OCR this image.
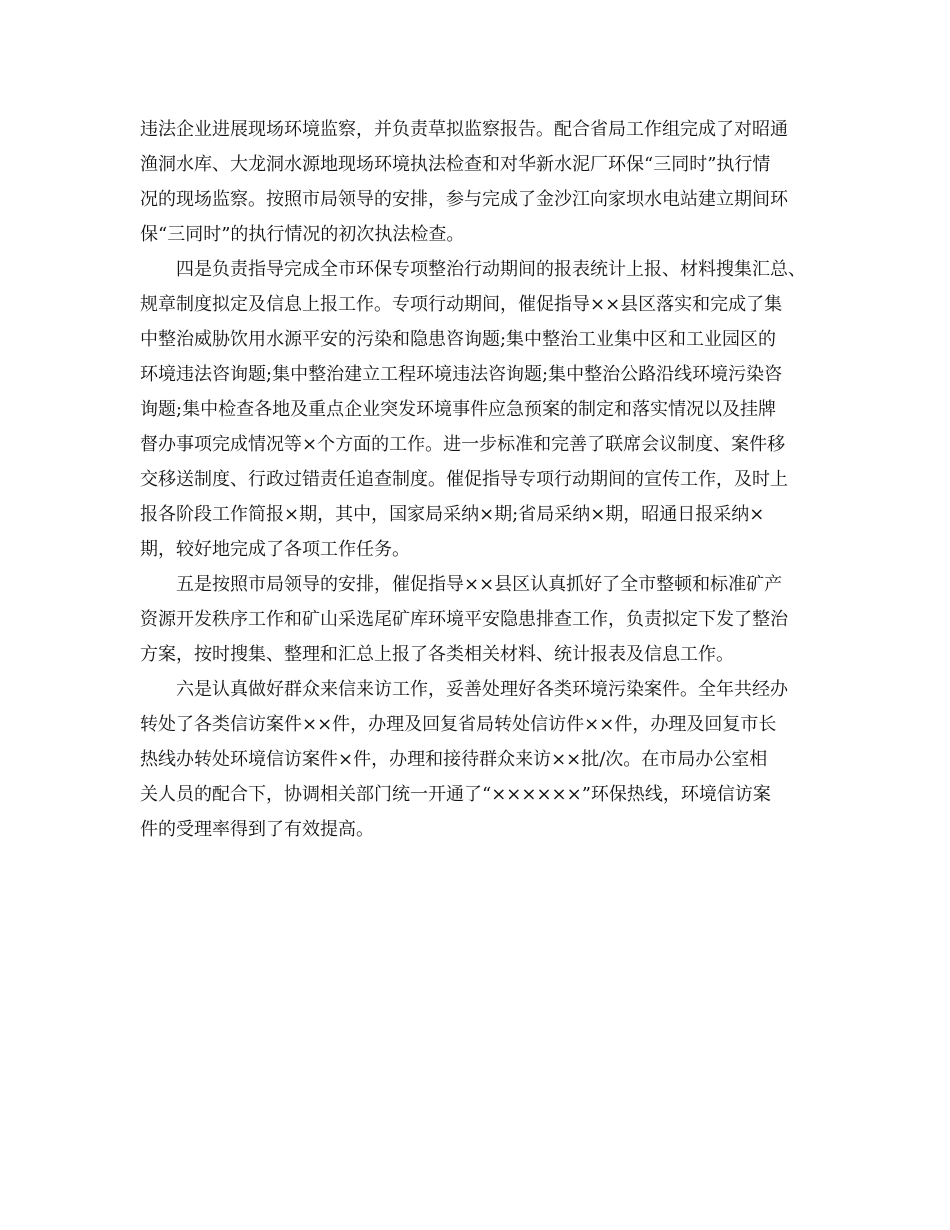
违法企业进展现场环境监察，并负责草拟监察报告。配合省局工作组完成了对昭通
渔洞水库、大龙洞水源地现场环境执法检查和对华新水泥厂环保“三同时”执行情
况的现场监察。按照市局领导的安排，参与完成了金沙江向家坝水电站建立期间环
保“三同时”的执行情况的初次执法检查。
四是负责指导完成全市环保专项整治行动期间的报表统计上报、材料搜集汇总、
规章制度拟定及信息上报工作。专项行动期间，催促指导××县区落实和完成了集
中整治威胁饮用水源平安的污染和隐患咨询题;集中整治工业集中区和工业园区的
环境违法咨询题;集中整治建立工程环境违法咨询题;集中整治公路沿线环境污染咨
询题;集中检查各地及重点企业突发环境事件应急预案的制定和落实情况以及挂牌
督办事项完成情况等×个方面的工作。进一步标准和完善了联席会议制度、案件移
交移送制度、行政过错责任追查制度。催促指导专项行动期间的宣传工作，及时上
报各阶段工作简报×期，其中，国家局采纳×期;省局采纳×期，昭通日报采纳×
期，较好地完成了各项工作任务。
五是按照市局领导的安排，催促指导××县区认真抓好了全市整顿和标准矿产
资源开发秩序工作和矿山采选尾矿库环境平安隐患排查工作，负责拟定下发了整治
方案，按时搜集、整理和汇总上报了各类相关材料、统计报表及信息工作。
六是认真做好群众来信来访工作，妥善处理好各类环境污染案件。全年共经办
转处了各类信访案件××件，办理及回复省局转处信访件××件，办理及回复市长
热线办转处环境信访案件×件，办理和接待群众来访××批/次。在市局办公室相
关人员的配合下，协调相关部门统一开通了“××××××”环保热线，环境信访案
件的受理率得到了有效提高。
